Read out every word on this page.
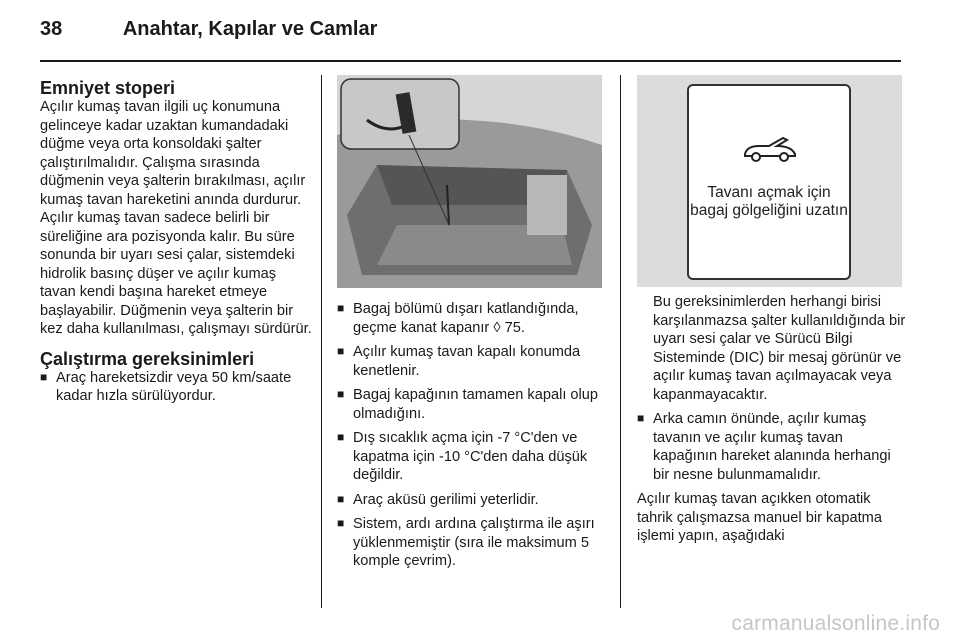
38	Anahtar, Kapılar ve Camlar
Emniyet stoperi

Açılır kumaş tavan ilgili uç konumuna gelinceye kadar uzaktan kumandadaki düğme veya orta konsoldaki şalter çalıştırılmalıdır. Çalışma sırasında düğmenin veya şalterin bırakılması, açılır kumaş tavan hareketini anında durdurur. Açılır kumaş tavan sadece belirli bir süreliğine ara pozisyonda kalır. Bu süre sonunda bir uyarı sesi çalar, sistemdeki hidrolik basınç düşer ve açılır kumaş tavan kendi başına hareket etmeye başlayabilir. Düğmenin veya şalterin bir kez daha kullanılması, çalışmayı sürdürür.

Çalıştırma gereksinimleri
■ Araç hareketsizdir veya 50 km/saate kadar hızla sürülüyordur.
■ Bagaj bölümü dışarı katlandığında, geçme kanat kapanır ◊ 75.
■ Açılır kumaş tavan kapalı konumda kenetlenir.
■ Bagaj kapağının tamamen kapalı olup olmadığını.
■ Dış sıcaklık açma için -7 °C'den ve kapatma için -10 °C'den daha düşük değildir.
■ Araç aküsü gerilimi yeterlidir.
■ Sistem, ardı ardına çalıştırma ile aşırı yüklenmemiştir (sıra ile maksimum 5 komple çevrim).
Tavanı açmak için bagaj gölgeliğini uzatın

Bu gereksinimlerden herhangi birisi karşılanmazsa şalter kullanıldığında bir uyarı sesi çalar ve Sürücü Bilgi Sisteminde (DIC) bir mesaj görünür ve açılır kumaş tavan açılmayacak veya kapanmayacaktır.

■ Arka camın önünde, açılır kumaş tavanın ve açılır kumaş tavan kapağının hareket alanında herhangi bir nesne bulunmamalıdır.

Açılır kumaş tavan açıkken otomatik tahrik çalışmazsa manuel bir kapatma işlemi yapın, aşağıdaki

carmanualsonline.info
